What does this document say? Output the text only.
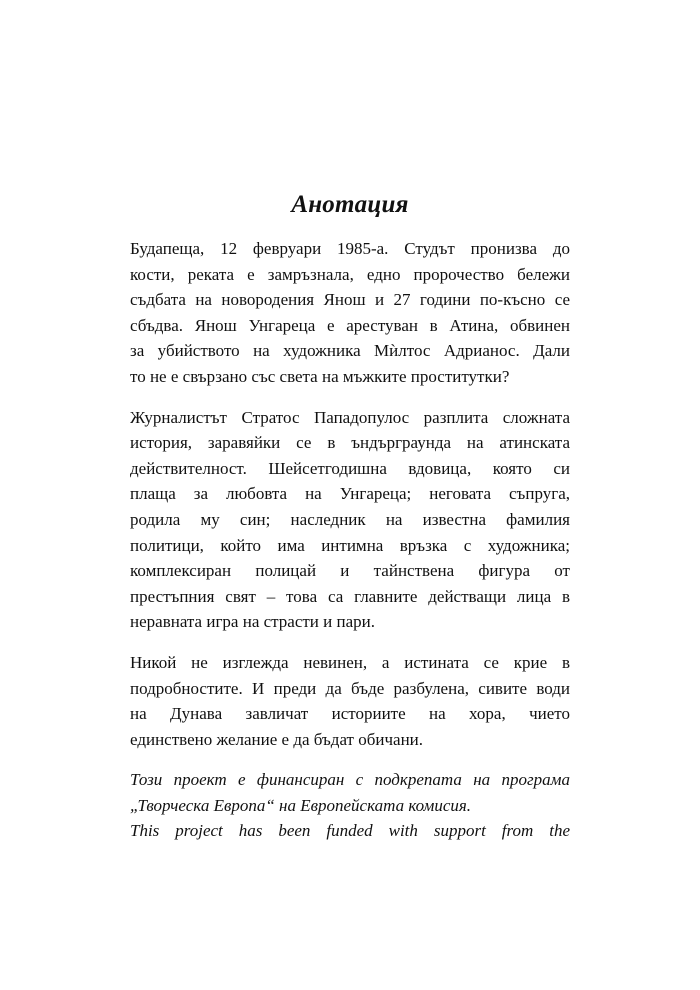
Анотация
Будапеща, 12 февруари 1985-а. Студът пронизва до
кости, реката е замръзнала, едно пророчество бележи
съдбата на новородения Янош и 27 години по-късно се
сбъдва. Янош Унгареца е арестуван в Атина, обвинен
за убийството на художника Мѝлтос Адрианос. Дали
то не е свързано със света на мъжките проститутки?
Журналистът Стратос Пападопулос разплита сложната
история, заравяйки се в ъндърграунда на атинската
действителност. Шейсетгодишна вдовица, която си
плаща за любовта на Унгареца; неговата съпруга,
родила му син; наследник на известна фамилия
политици, който има интимна връзка с художника;
комплексиран полицай и тайнствена фигура от
престъпния свят – това са главните действащи лица в
неравната игра на страсти и пари.
Никой не изглежда невинен, а истината се крие в
подробностите. И преди да бъде разбулена, сивите води
на Дунава завличат историите на хора, чието
единствено желание е да бъдат обичани.
Този проект е финансиран с подкрепата на програма
„Творческа Европа“ на Европейската комисия.
This project has been funded with support from the
